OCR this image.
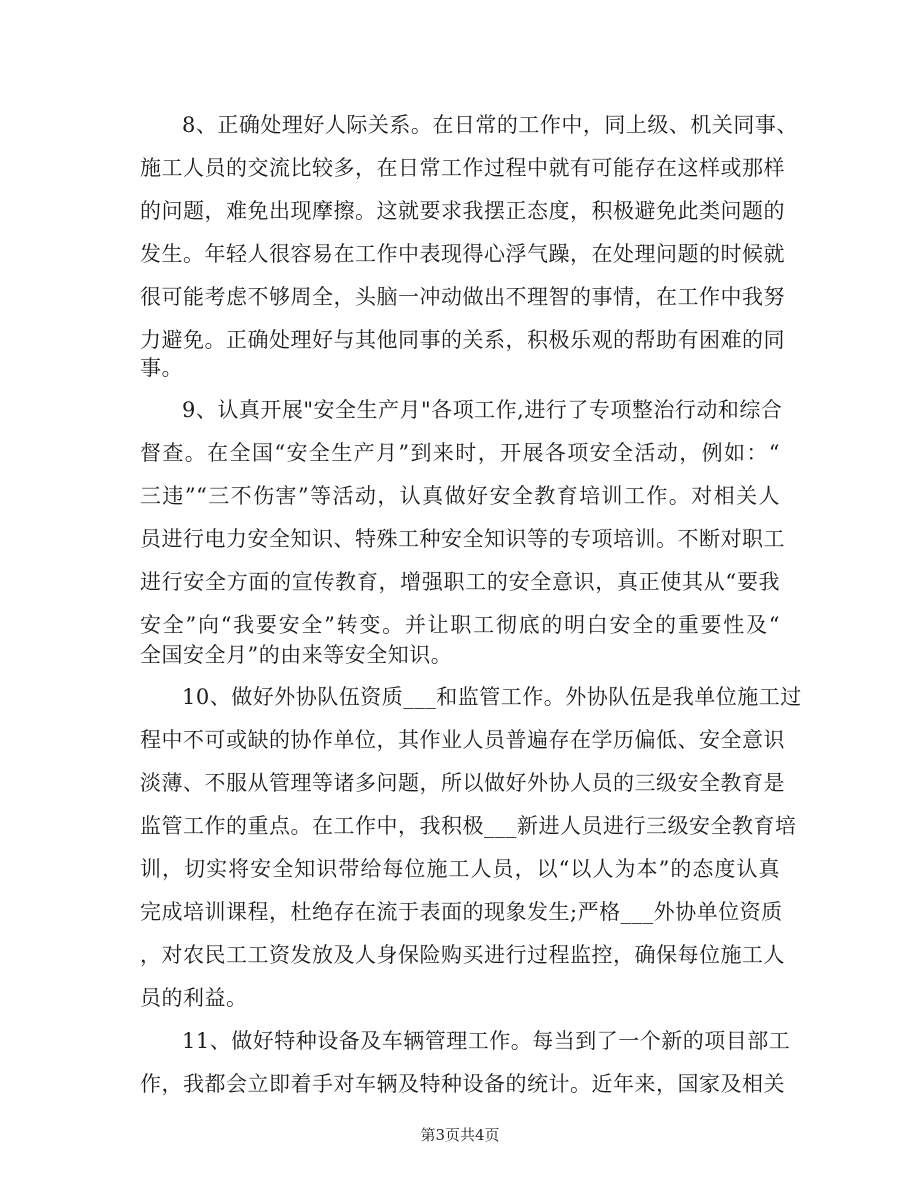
8、正确处理好人际关系。在日常的工作中，同上级、机关同事、
施工人员的交流比较多，在日常工作过程中就有可能存在这样或那样
的问题，难免出现摩擦。这就要求我摆正态度，积极避免此类问题的
发生。年轻人很容易在工作中表现得心浮气躁，在处理问题的时候就
很可能考虑不够周全，头脑一冲动做出不理智的事情，在工作中我努
力避免。正确处理好与其他同事的关系，积极乐观的帮助有困难的同
事。
9、认真开展"安全生产月"各项工作,进行了专项整治行动和综合
督查。在全国“安全生产月”到来时，开展各项安全活动，例如：“
三违”“三不伤害”等活动，认真做好安全教育培训工作。对相关人
员进行电力安全知识、特殊工种安全知识等的专项培训。不断对职工
进行安全方面的宣传教育，增强职工的安全意识，真正使其从“要我
安全”向“我要安全”转变。并让职工彻底的明白安全的重要性及“
全国安全月”的由来等安全知识。
10、做好外协队伍资质___和监管工作。外协队伍是我单位施工过
程中不可或缺的协作单位，其作业人员普遍存在学历偏低、安全意识
淡薄、不服从管理等诸多问题，所以做好外协人员的三级安全教育是
监管工作的重点。在工作中，我积极___新进人员进行三级安全教育培
训，切实将安全知识带给每位施工人员，以“以人为本”的态度认真
完成培训课程，杜绝存在流于表面的现象发生;严格___外协单位资质
，对农民工工资发放及人身保险购买进行过程监控，确保每位施工人
员的利益。
11、做好特种设备及车辆管理工作。每当到了一个新的项目部工
作，我都会立即着手对车辆及特种设备的统计。近年来，国家及相关
第3页共4页
